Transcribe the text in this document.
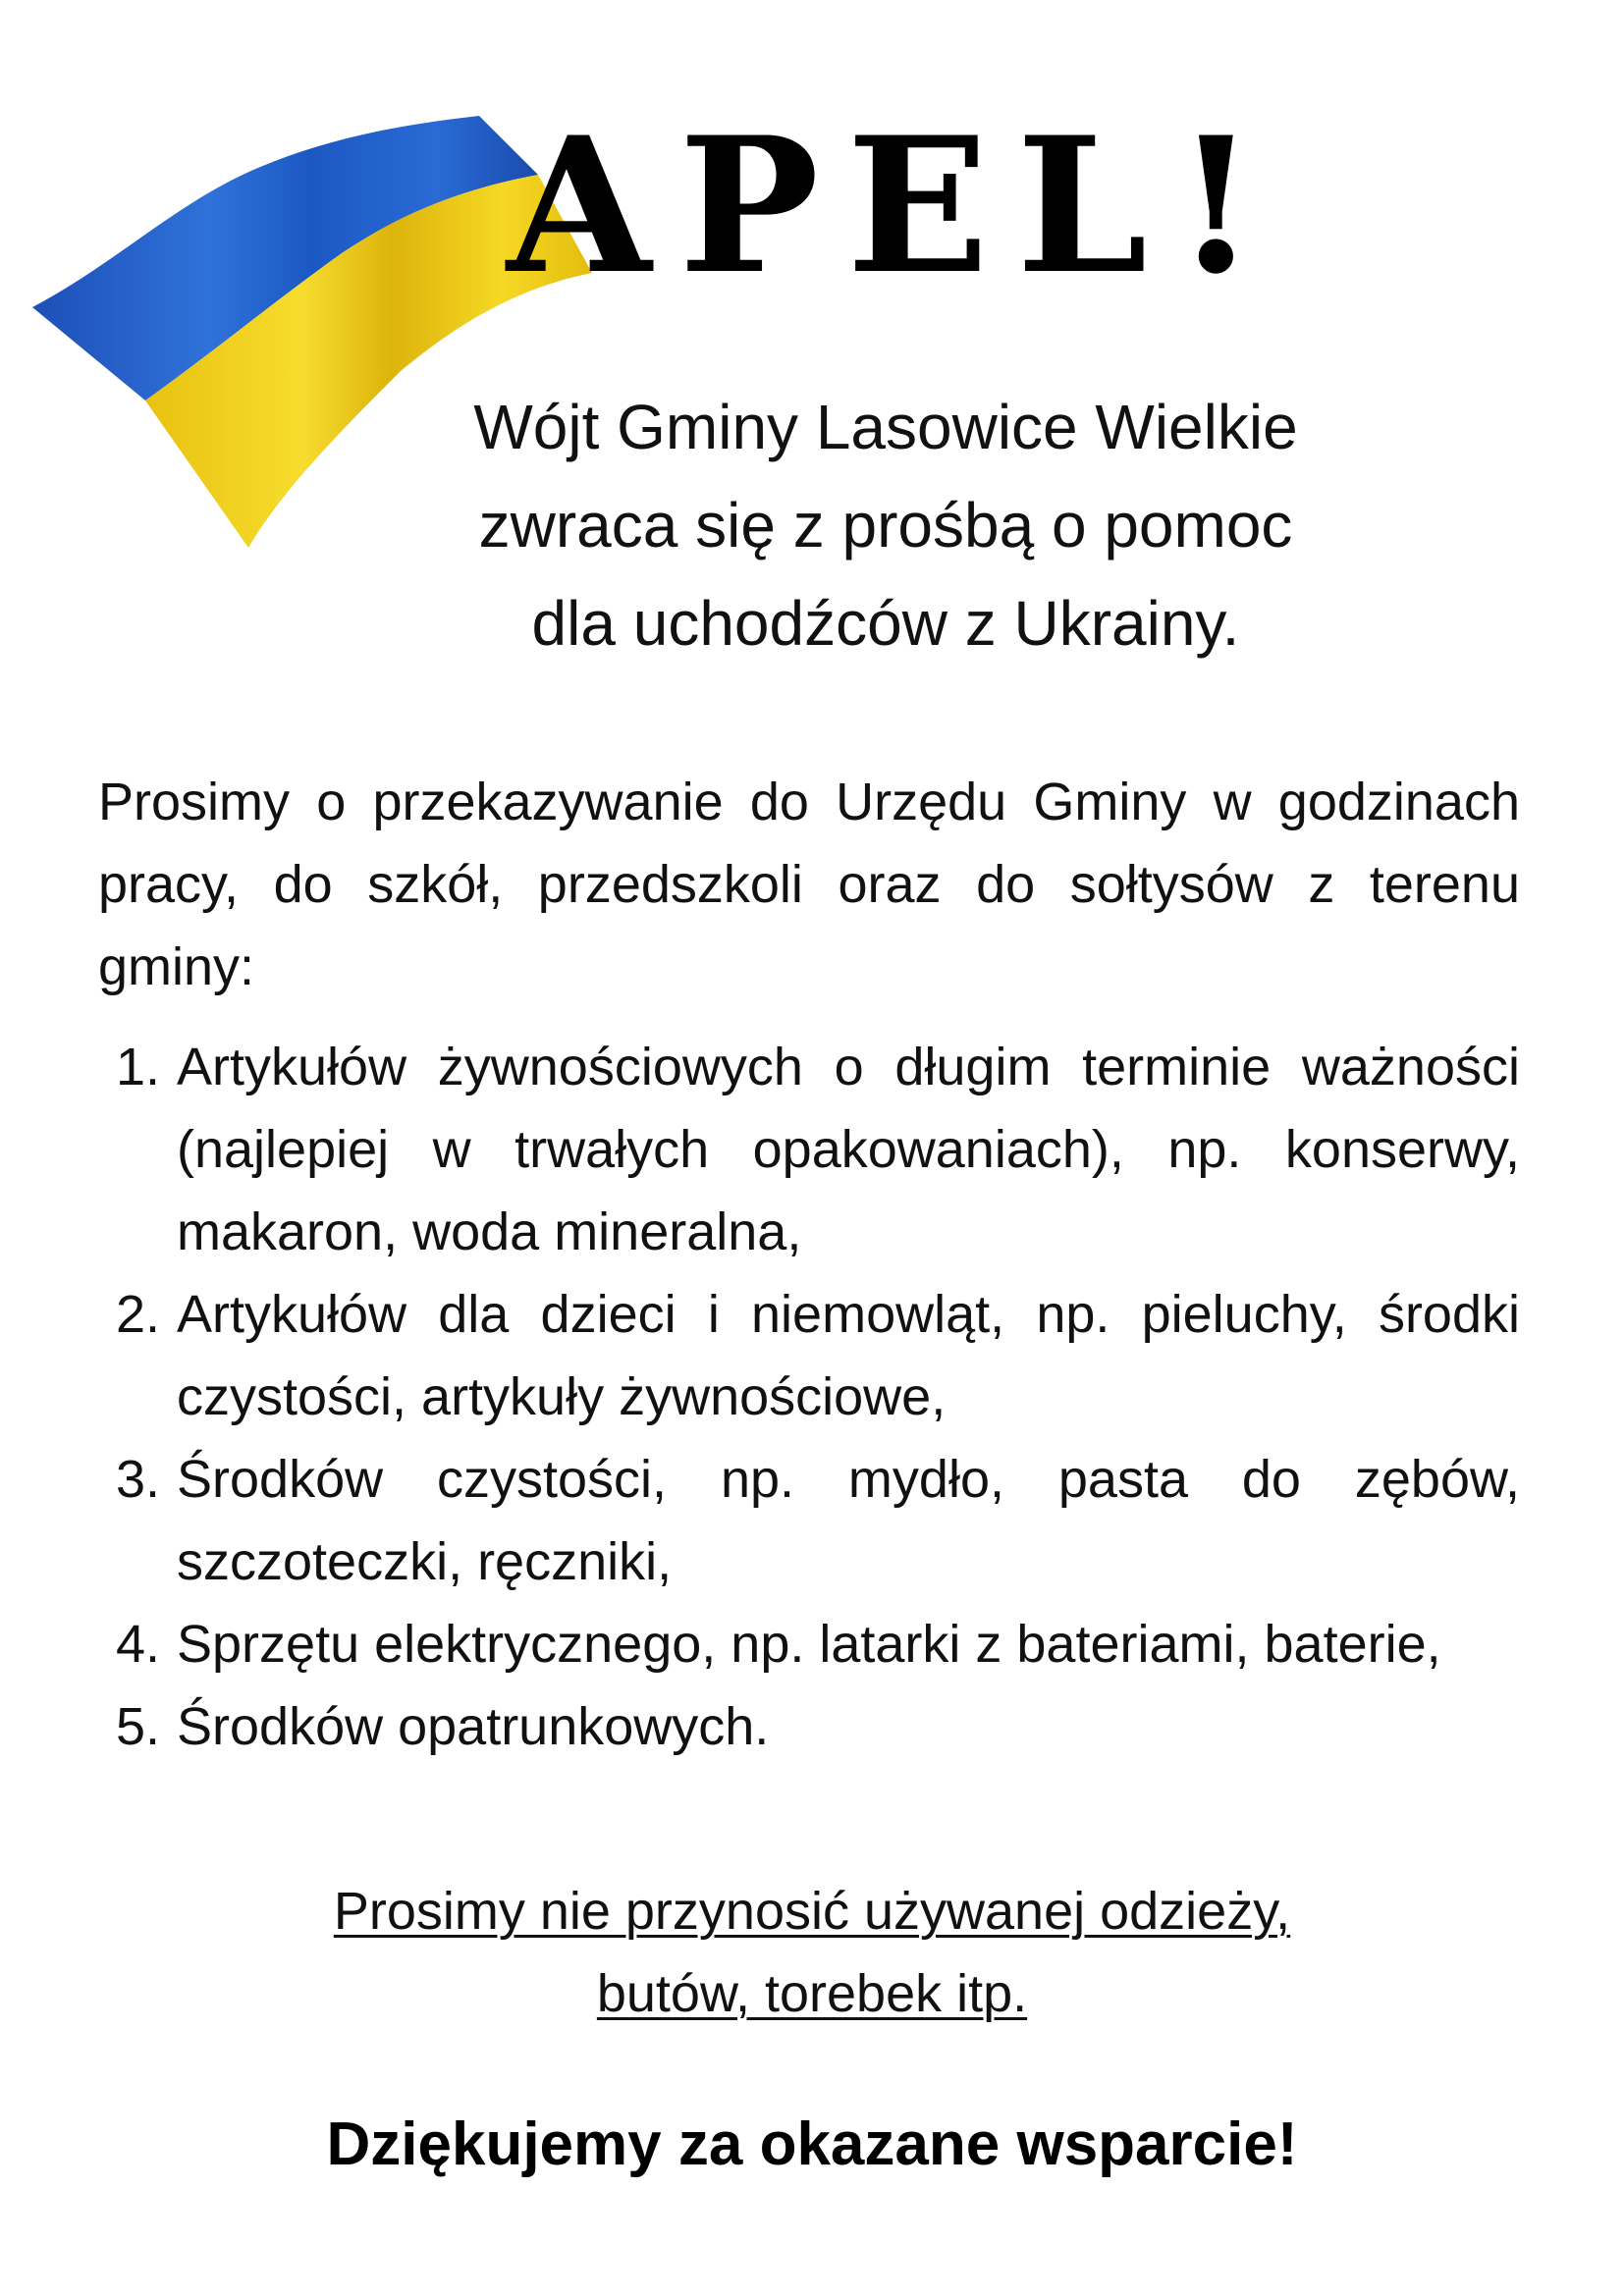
APEL!
Wójt Gminy Lasowice Wielkie
zwraca się z prośbą o pomoc
dla uchodźców z Ukrainy.

Prosimy o przekazywanie do Urzędu Gminy w godzinach pracy, do szkół, przedszkoli oraz do sołtysów z terenu gminy:

1. Artykułów żywnościowych o długim terminie ważności (najlepiej w trwałych opakowaniach), np. konserwy, makaron, woda mineralna,
2. Artykułów dla dzieci i niemowląt, np. pieluchy, środki czystości, artykuły żywnościowe,
3. Środków czystości, np. mydło, pasta do zębów, szczoteczki, ręczniki,
4. Sprzętu elektrycznego, np. latarki z bateriami, baterie,
5. Środków opatrunkowych.
Prosimy nie przynosić używanej odzieży,
butów, torebek itp.
Dziękujemy za okazane wsparcie!
